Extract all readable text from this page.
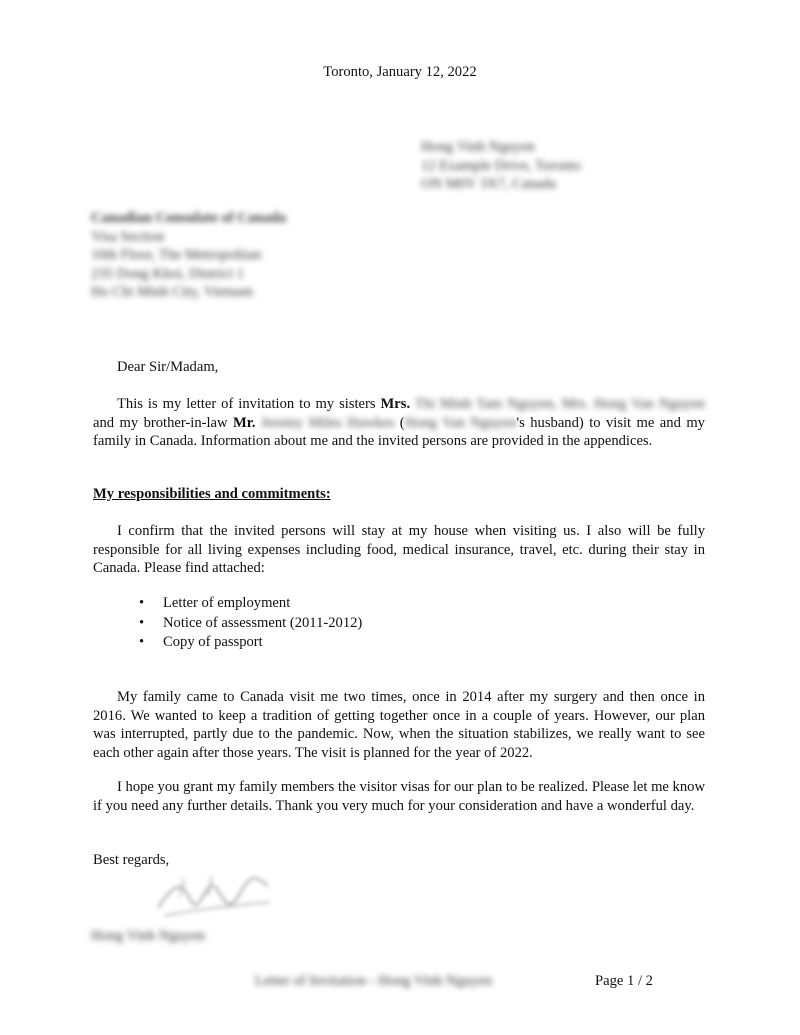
Toronto, January 12, 2022
Hong Vinh Nguyen
12 Example Drive, Toronto
ON M0V 3X7, Canada
Canadian Consulate of Canada
Visa Section
10th Floor, The Metropolitan
235 Dong Khoi, District 1
Ho Chi Minh City, Vietnam
Dear Sir/Madam,

This is my letter of invitation to my sisters Mrs. Thi Minh Tam Nguyen, Mrs. Hong Van Nguyen and my brother-in-law Mr. Jeremy Miles Hawkes (Hong Van Nguyen's husband) to visit me and my family in Canada. Information about me and the invited persons are provided in the appendices.

My responsibilities and commitments:

I confirm that the invited persons will stay at my house when visiting us. I also will be fully responsible for all living expenses including food, medical insurance, travel, etc. during their stay in Canada. Please find attached:

• Letter of employment
• Notice of assessment (2011-2012)
• Copy of passport

My family came to Canada visit me two times, once in 2014 after my surgery and then once in 2016. We wanted to keep a tradition of getting together once in a couple of years. However, our plan was interrupted, partly due to the pandemic. Now, when the situation stabilizes, we really want to see each other again after those years. The visit is planned for the year of 2022.

I hope you grant my family members the visitor visas for our plan to be realized. Please let me know if you need any further details. Thank you very much for your consideration and have a wonderful day.

Best regards,
Hong Vinh Nguyen
Letter of Invitation - Hong Vinh Nguyen	Page 1 / 2
